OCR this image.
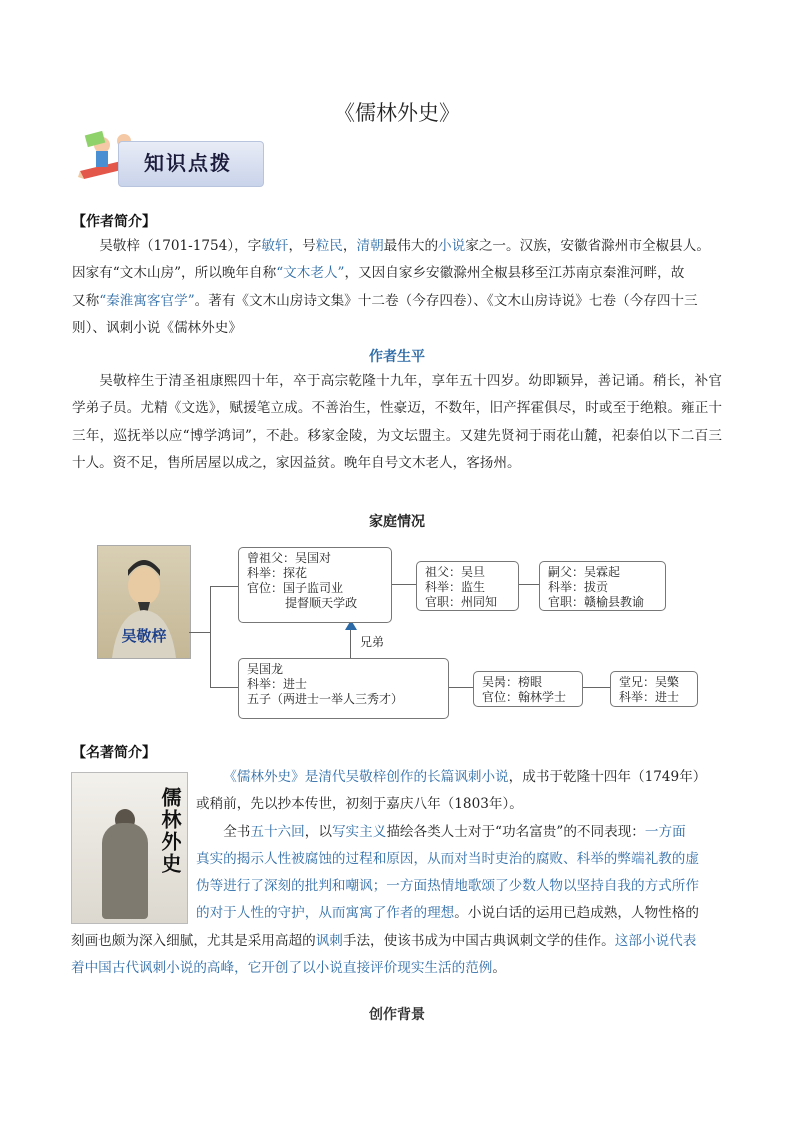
《儒林外史》
知识点拨
【作者简介】
吴敬梓（1701-1754），字敏轩，号粒民，清朝最伟大的小说家之一。汉族，安徽省滁州市全椒县人。
因家有“文木山房”，所以晚年自称“文木老人”，又因自家乡安徽滁州全椒县移至江苏南京秦淮河畔，故
又称“秦淮寓客官学”。著有《文木山房诗文集》十二卷（今存四卷）、《文木山房诗说》七卷（今存四十三
则）、讽刺小说《儒林外史》
作者生平

吴敬梓生于清圣祖康熙四十年，卒于高宗乾隆十九年，享年五十四岁。幼即颖异，善记诵。稍长，补官学弟子员。尤精《文选》，赋援笔立成。不善治生，性豪迈，不数年，旧产挥霍俱尽，时或至于绝粮。雍正十三年，巡抚举以应“博学鸿词”，不赴。移家金陵，为文坛盟主。又建先贤祠于雨花山麓，祀泰伯以下二百三十人。资不足，售所居屋以成之，家因益贫。晚年自号文木老人，客扬州。

家庭情况
吴敬梓	兄弟
曾祖父：吴国对
科举：探花
官位：国子监司业
提督顺天学政
祖父：吴旦
科举：监生
官职：州同知
嗣父：吴霖起
科举：拔贡
官职：赣榆县教谕
吴国龙
科举：进士
五子（两进士一举人三秀才）
吴昺：榜眼
官位：翰林学士
堂兄：吴檠
科举：进士
【名著简介】
儒林外史
《儒林外史》是清代吴敬梓创作的长篇讽刺小说，成书于乾隆十四年（1749年）
或稍前，先以抄本传世，初刻于嘉庆八年（1803年）。
全书五十六回，以写实主义描绘各类人士对于“功名富贵”的不同表现：一方面
真实的揭示人性被腐蚀的过程和原因，从而对当时吏治的腐败、科举的弊端礼教的虚
伪等进行了深刻的批判和嘲讽；一方面热情地歌颂了少数人物以坚持自我的方式所作
的对于人性的守护，从而寓寓了作者的理想。小说白话的运用已趋成熟，人物性格的
刻画也颇为深入细腻，尤其是采用高超的讽刺手法，使该书成为中国古典讽刺文学的佳作。这部小说代表
着中国古代讽刺小说的高峰，它开创了以小说直接评价现实生活的范例。
创作背景
